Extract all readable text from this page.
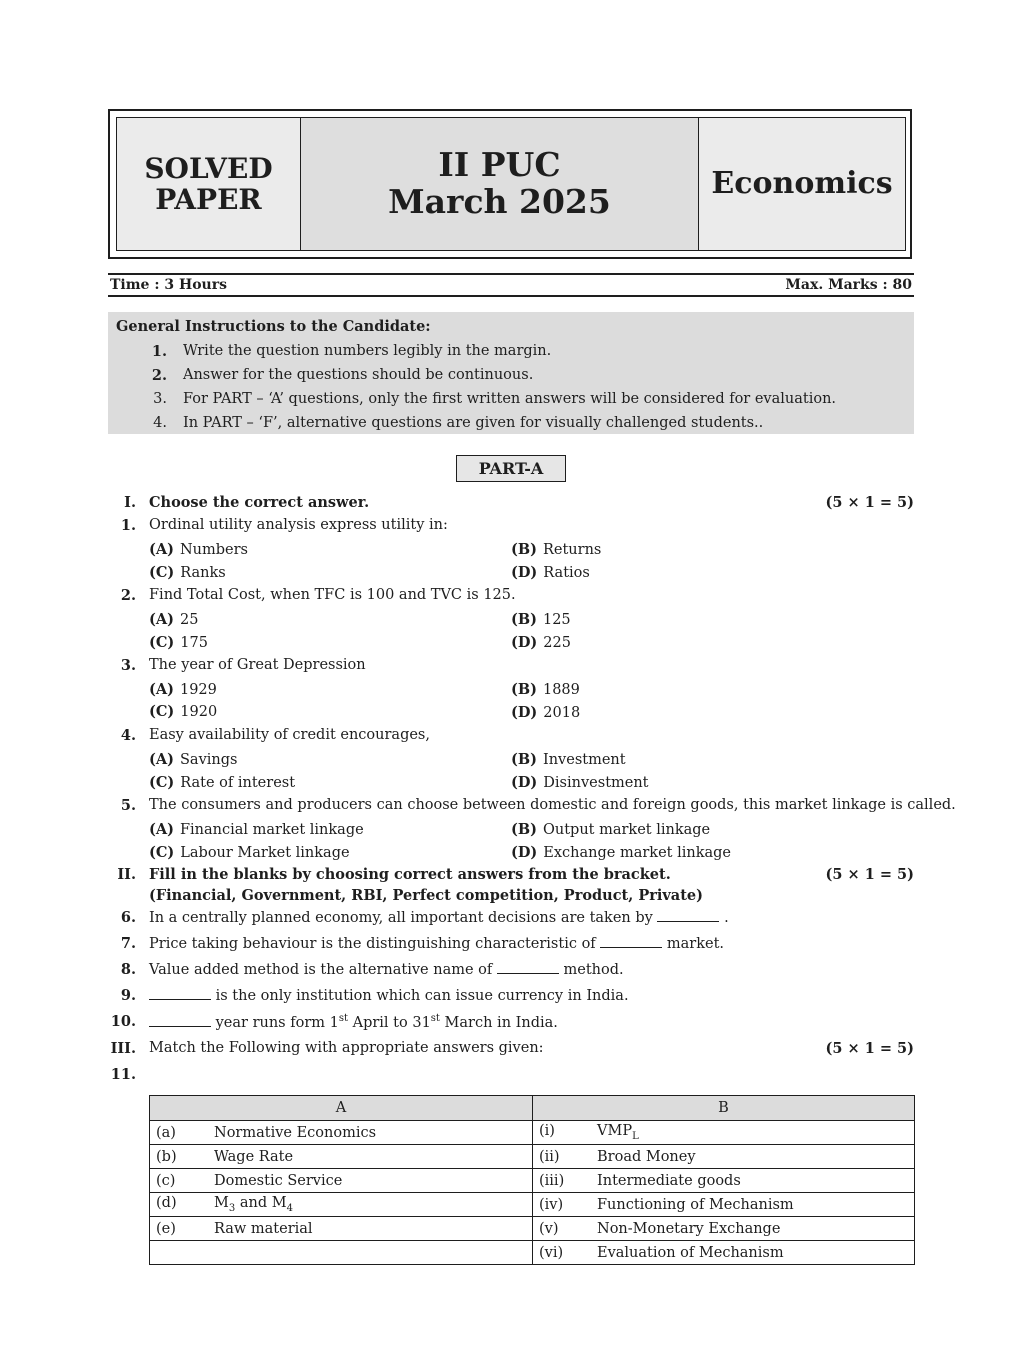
SOLVED
PAPER
II PUC
March 2025	Economics
Time : 3 Hours	Max. Marks : 80
General Instructions to the Candidate:
1.	Write the question numbers legibly in the margin.
2.	Answer for the questions should be continuous.
3.	For PART – ‘A’ questions, only the first written answers will be considered for evaluation.
4.	In PART – ‘F’, alternative questions are given for visually challenged students..
PART-A
I. Choose the correct answer.	(5 × 1 = 5)
1. Ordinal utility analysis express utility in:
(A) Numbers	(B) Returns
(C) Ranks	(D) Ratios
2. Find Total Cost, when TFC is 100 and TVC is 125.
(A) 25	(B) 125
(C) 175	(D) 225
3. The year of Great Depression
(A) 1929	(B) 1889
(C) 1920	(D) 2018
4. Easy availability of credit encourages,
(A) Savings	(B) Investment
(C) Rate of interest	(D) Disinvestment
5. The consumers and producers can choose between domestic and foreign goods, this market linkage is called.
(A) Financial market linkage	(B) Output market linkage
(C) Labour Market linkage	(D) Exchange market linkage
II. Fill in the blanks by choosing correct answers from the bracket.	(5 × 1 = 5)
(Financial, Government, RBI, Perfect competition, Product, Private)
6. In a centrally planned economy, all important decisions are taken by	.
7. Price taking behaviour is the distinguishing characteristic of	market.
8. Value added method is the alternative name of	method.
9.	is the only institution which can issue currency in India.
10.	year runs form 1st April to 31st March in India.
III. Match the Following with appropriate answers given:	(5 × 1 = 5)
11.
A	B
(a) Normative Economics	(i) $VMP_L$
(b) Wage Rate	(ii) Broad Money
(c) Domestic Service	(iii) Intermediate goods
(d) $M_3$ and $M_4$	(iv) Functioning of Mechanism
(e) Raw material	(v) Non-Monetary Exchange
	(vi) Evaluation of Mechanism
